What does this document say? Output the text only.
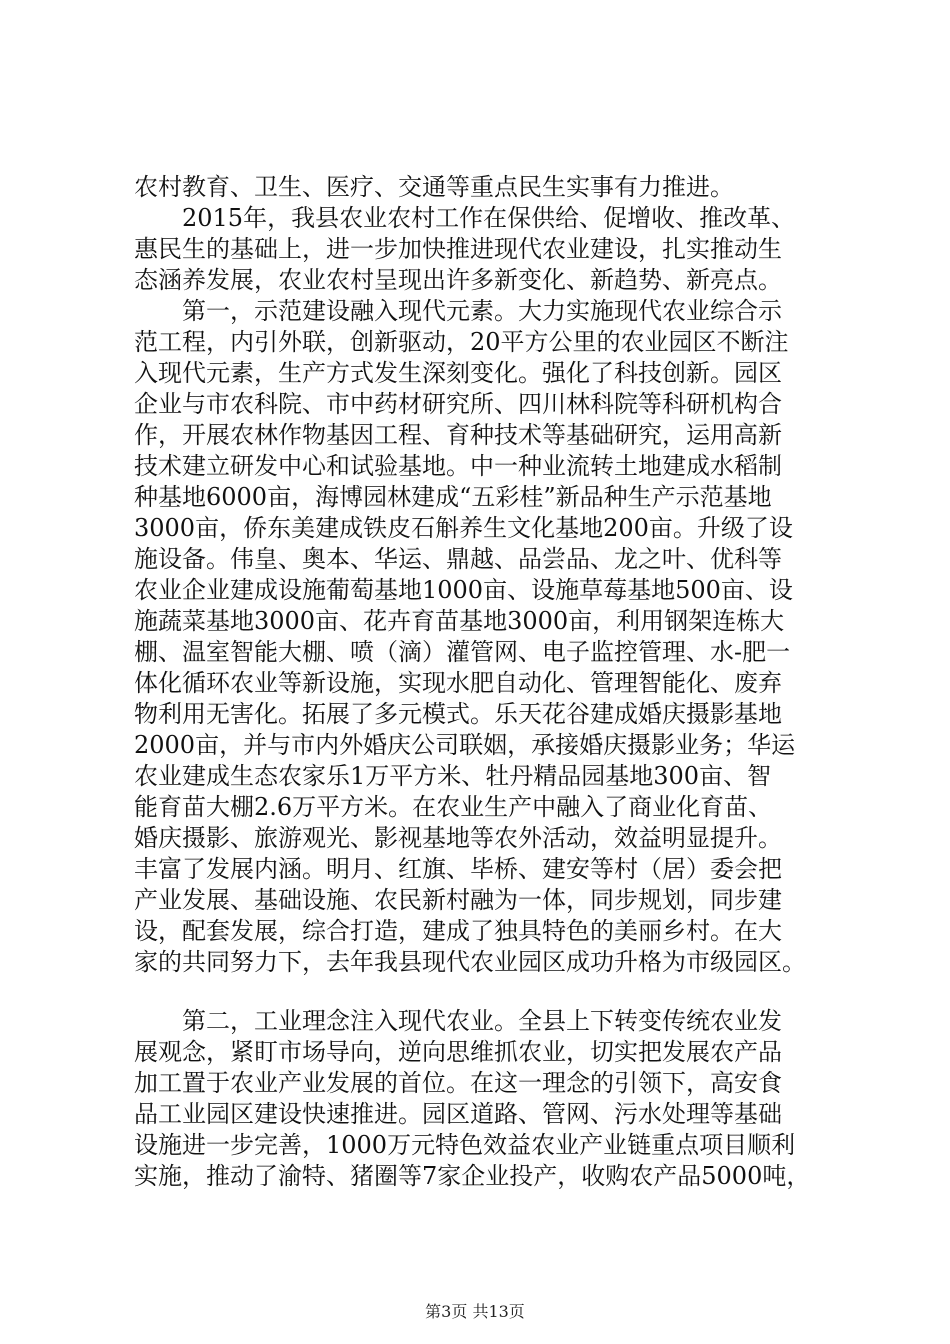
农村教育、卫生、医疗、交通等重点民生实事有力推进。
　　2015年，我县农业农村工作在保供给、促增收、推改革、
惠民生的基础上，进一步加快推进现代农业建设，扎实推动生
态涵养发展，农业农村呈现出许多新变化、新趋势、新亮点。
　　第一，示范建设融入现代元素。大力实施现代农业综合示
范工程，内引外联，创新驱动，20平方公里的农业园区不断注
入现代元素，生产方式发生深刻变化。强化了科技创新。园区
企业与市农科院、市中药材研究所、四川林科院等科研机构合
作，开展农林作物基因工程、育种技术等基础研究，运用高新
技术建立研发中心和试验基地。中一种业流转土地建成水稻制
种基地6000亩，海博园林建成“五彩桂”新品种生产示范基地
3000亩，侨东美建成铁皮石斛养生文化基地200亩。升级了设
施设备。伟皇、奥本、华运、鼎越、品尝品、龙之叶、优科等
农业企业建成设施葡萄基地1000亩、设施草莓基地500亩、设
施蔬菜基地3000亩、花卉育苗基地3000亩，利用钢架连栋大
棚、温室智能大棚、喷（滴）灌管网、电子监控管理、水-肥一
体化循环农业等新设施，实现水肥自动化、管理智能化、废弃
物利用无害化。拓展了多元模式。乐天花谷建成婚庆摄影基地
2000亩，并与市内外婚庆公司联姻，承接婚庆摄影业务；华运
农业建成生态农家乐1万平方米、牡丹精品园基地300亩、智
能育苗大棚2.6万平方米。在农业生产中融入了商业化育苗、
婚庆摄影、旅游观光、影视基地等农外活动，效益明显提升。
丰富了发展内涵。明月、红旗、毕桥、建安等村（居）委会把
产业发展、基础设施、农民新村融为一体，同步规划，同步建
设，配套发展，综合打造，建成了独具特色的美丽乡村。在大
家的共同努力下，去年我县现代农业园区成功升格为市级园区。
　　第二，工业理念注入现代农业。全县上下转变传统农业发
展观念，紧盯市场导向，逆向思维抓农业，切实把发展农产品
加工置于农业产业发展的首位。在这一理念的引领下，高安食
品工业园区建设快速推进。园区道路、管网、污水处理等基础
设施进一步完善，1000万元特色效益农业产业链重点项目顺利
实施，推动了渝特、猪圈等7家企业投产，收购农产品5000吨，
第3页 共13页
